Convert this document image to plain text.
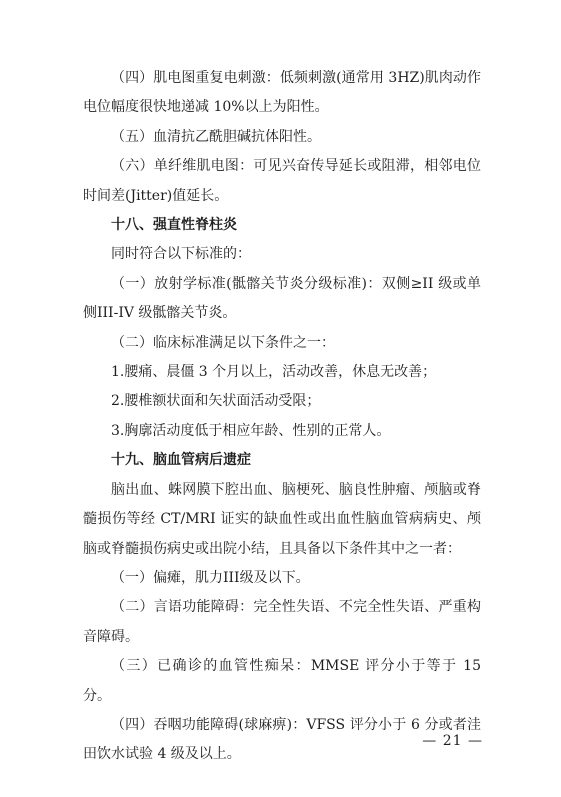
（四）肌电图重复电刺激：低频刺激(通常用 3HZ)肌肉动作电位幅度很快地递减 10%以上为阳性。

（五）血清抗乙酰胆碱抗体阳性。

（六）单纤维肌电图：可见兴奋传导延长或阻滞，相邻电位时间差(Jitter)值延长。

十八、强直性脊柱炎

同时符合以下标准的：

（一）放射学标准(骶髂关节炎分级标准)：双侧≥II 级或单侧III-IV 级骶髂关节炎。

（二）临床标准满足以下条件之一：

1.腰痛、晨僵 3 个月以上，活动改善，休息无改善；

2.腰椎额状面和矢状面活动受限；

3.胸廓活动度低于相应年龄、性别的正常人。

十九、脑血管病后遗症

脑出血、蛛网膜下腔出血、脑梗死、脑良性肿瘤、颅脑或脊髓损伤等经 CT/MRI 证实的缺血性或出血性脑血管病病史、颅脑或脊髓损伤病史或出院小结，且具备以下条件其中之一者：

（一）偏瘫，肌力III级及以下。

（二）言语功能障碍：完全性失语、不完全性失语、严重构音障碍。

（三）已确诊的血管性痴呆：MMSE 评分小于等于 15 分。

（四）吞咽功能障碍(球麻痹)：VFSS 评分小于 6 分或者洼田饮水试验 4 级及以上。

— 21 —
